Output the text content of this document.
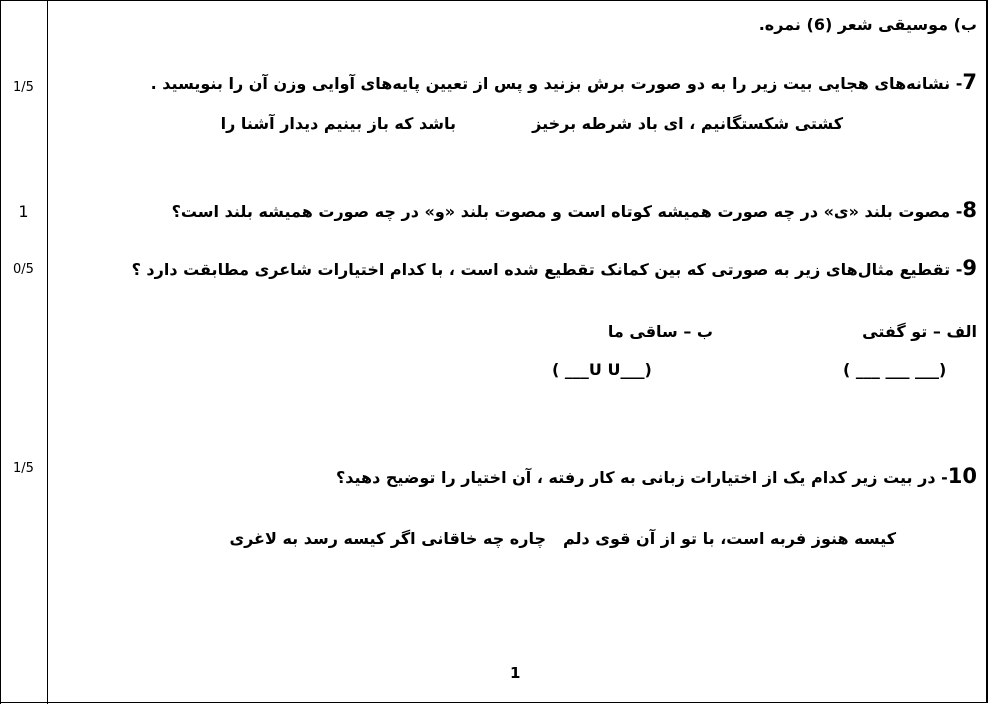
1/5
1
0/5
1/5
ب) موسیقی شعر (6) نمره.
7- نشانه‌های هجایی بیت زیر را به دو صورت برش بزنید و پس از تعیین پایه‌های آوایی وزن آن را بنویسید .
کشتی شکستگانیم ، ای باد شرطه برخیز
باشد که باز بینیم دیدار آشنا را
8- مصوت بلند «ی» در چه صورت همیشه کوتاه است و مصوت بلند «و» در چه صورت همیشه بلند است؟
9- تقطیع مثال‌های زیر به صورتی که بین کمانک تقطیع شده است ، با کدام اختیارات شاعری مطابقت دارد ؟
الف – تو گفتی
ب – ساقی ما
( ___ ___ ___)
( ___U U___)
10- در بیت زیر کدام یک از اختیارات زبانی به کار رفته ، آن اختیار را توضیح دهید؟
چاره چه خاقانی اگر کیسه رسد به لاغری کیسه هنوز فربه است، با تو از آن قوی دلم
1
